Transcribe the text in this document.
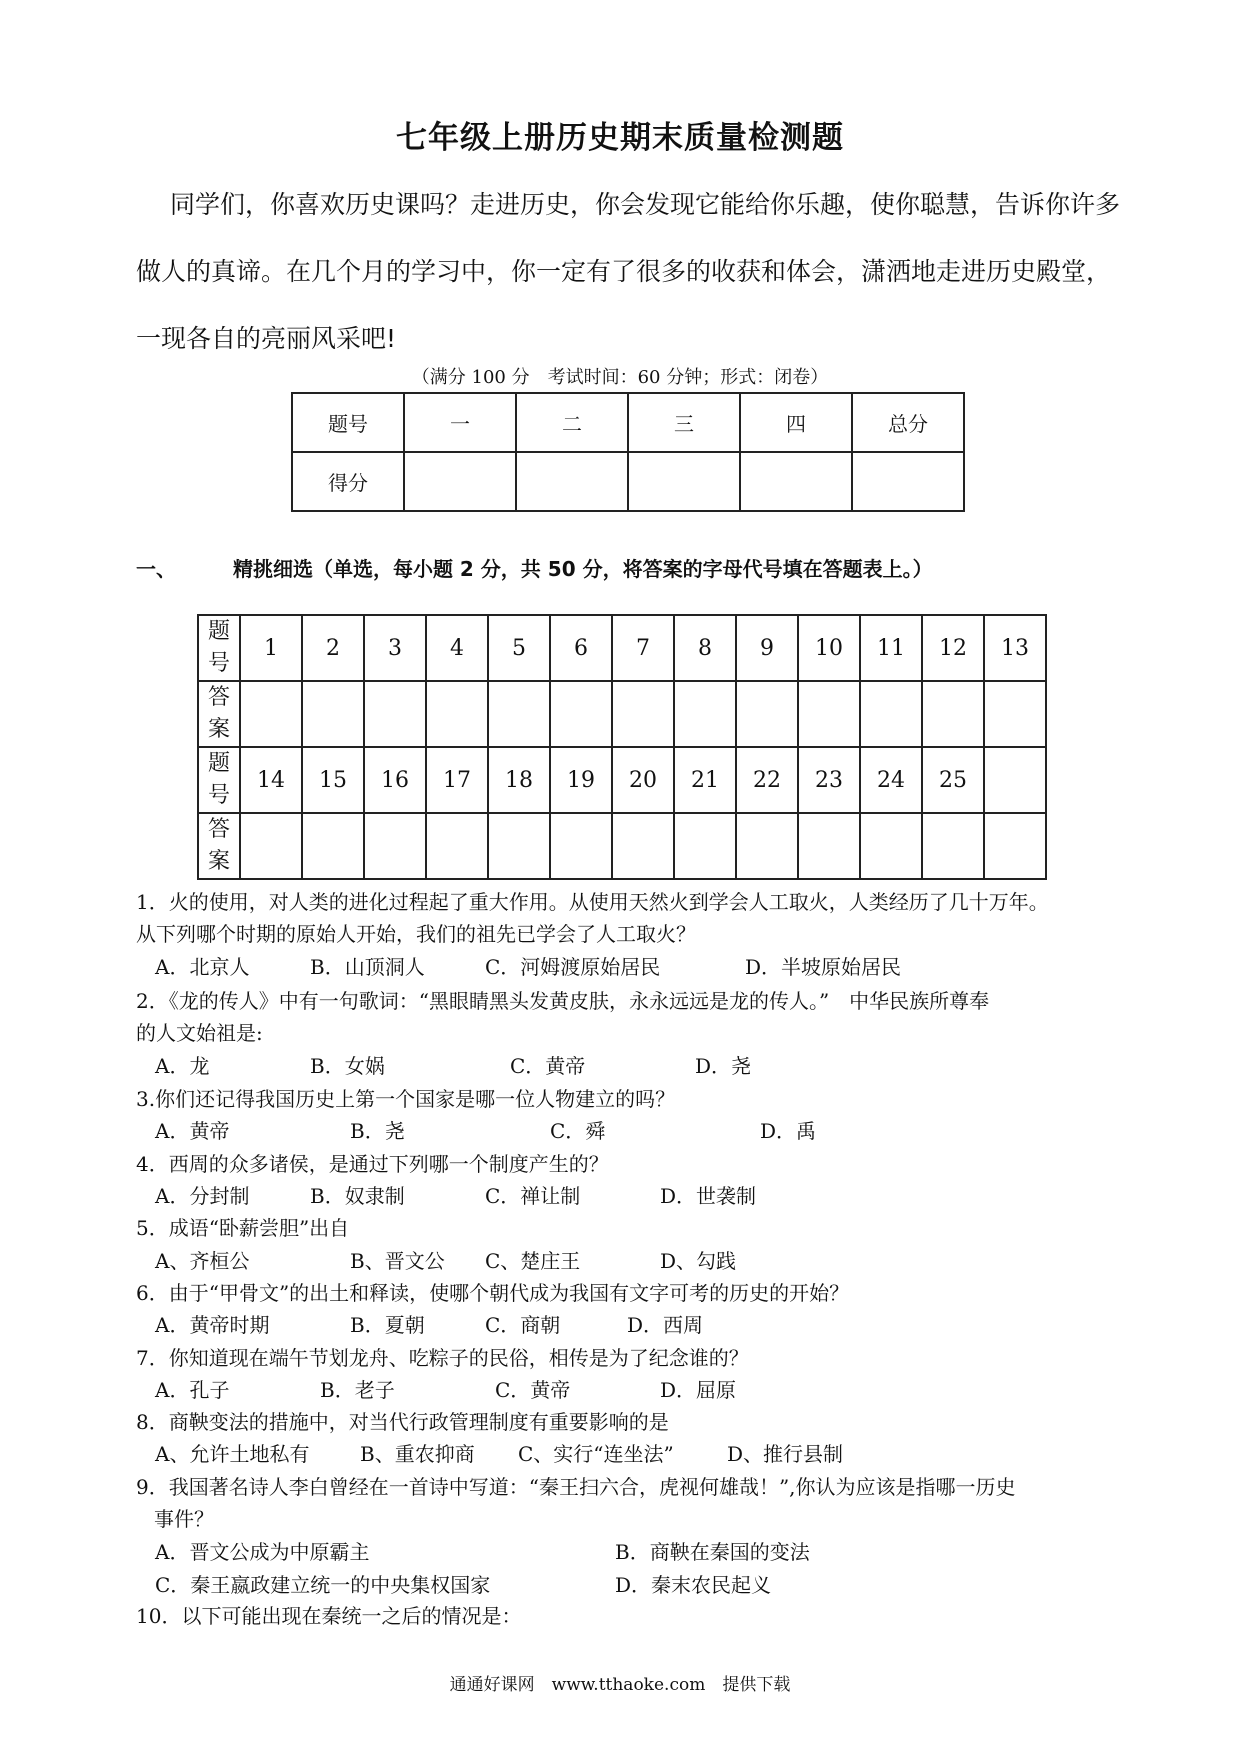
七年级上册历史期末质量检测题
同学们，你喜欢历史课吗？走进历史，你会发现它能给你乐趣，使你聪慧，告诉你许多
做人的真谛。在几个月的学习中，你一定有了很多的收获和体会，潇洒地走进历史殿堂，
一现各自的亮丽风采吧!
（满分 100 分　考试时间：60 分钟；形式：闭卷）
题号	一	二	三	四	总分
得分					
一、	精挑细选（单选，每小题 2 分，共 50 分，将答案的字母代号填在答题表上。）
题号	1	2	3	4	5	6	7	8	9	10	11	12	13
答案													
题号	14	15	16	17	18	19	20	21	22	23	24	25	
答案													
1．火的使用，对人类的进化过程起了重大作用。从使用天然火到学会人工取火，人类经历了几十万年。
从下列哪个时期的原始人开始，我们的祖先已学会了人工取火？
A．北京人	B．山顶洞人	C．河姆渡原始居民	D．半坡原始居民
2．《龙的传人》中有一句歌词：“黑眼睛黑头发黄皮肤，永永远远是龙的传人。”　中华民族所尊奉
的人文始祖是:
A．龙	B．女娲	C．黄帝	D．尧
3.你们还记得我国历史上第一个国家是哪一位人物建立的吗？
A．黄帝	B．尧	C．舜	D．禹
4．西周的众多诸侯，是通过下列哪一个制度产生的？
A．分封制	B．奴隶制	C．禅让制	D．世袭制
5．成语“卧薪尝胆”出自
A、齐桓公	B、晋文公 C、楚庄王	D、勾践
6．由于“甲骨文”的出土和释读，使哪个朝代成为我国有文字可考的历史的开始？
A．黄帝时期	B．夏朝	C．商朝	D．西周
7．你知道现在端午节划龙舟、吃粽子的民俗，相传是为了纪念谁的？
A．孔子	B．老子	C．黄帝	D．屈原
8．商鞅变法的措施中，对当代行政管理制度有重要影响的是
A、允许土地私有	B、重农抑商 C、实行“连坐法”	D、推行县制
9．我国著名诗人李白曾经在一首诗中写道：“秦王扫六合，虎视何雄哉！”,你认为应该是指哪一历史
事件？
A．晋文公成为中原霸主	B．商鞅在秦国的变法
C．秦王嬴政建立统一的中央集权国家	D．秦末农民起义
10．以下可能出现在秦统一之后的情况是：
通通好课网　www.tthaoke.com　提供下载
